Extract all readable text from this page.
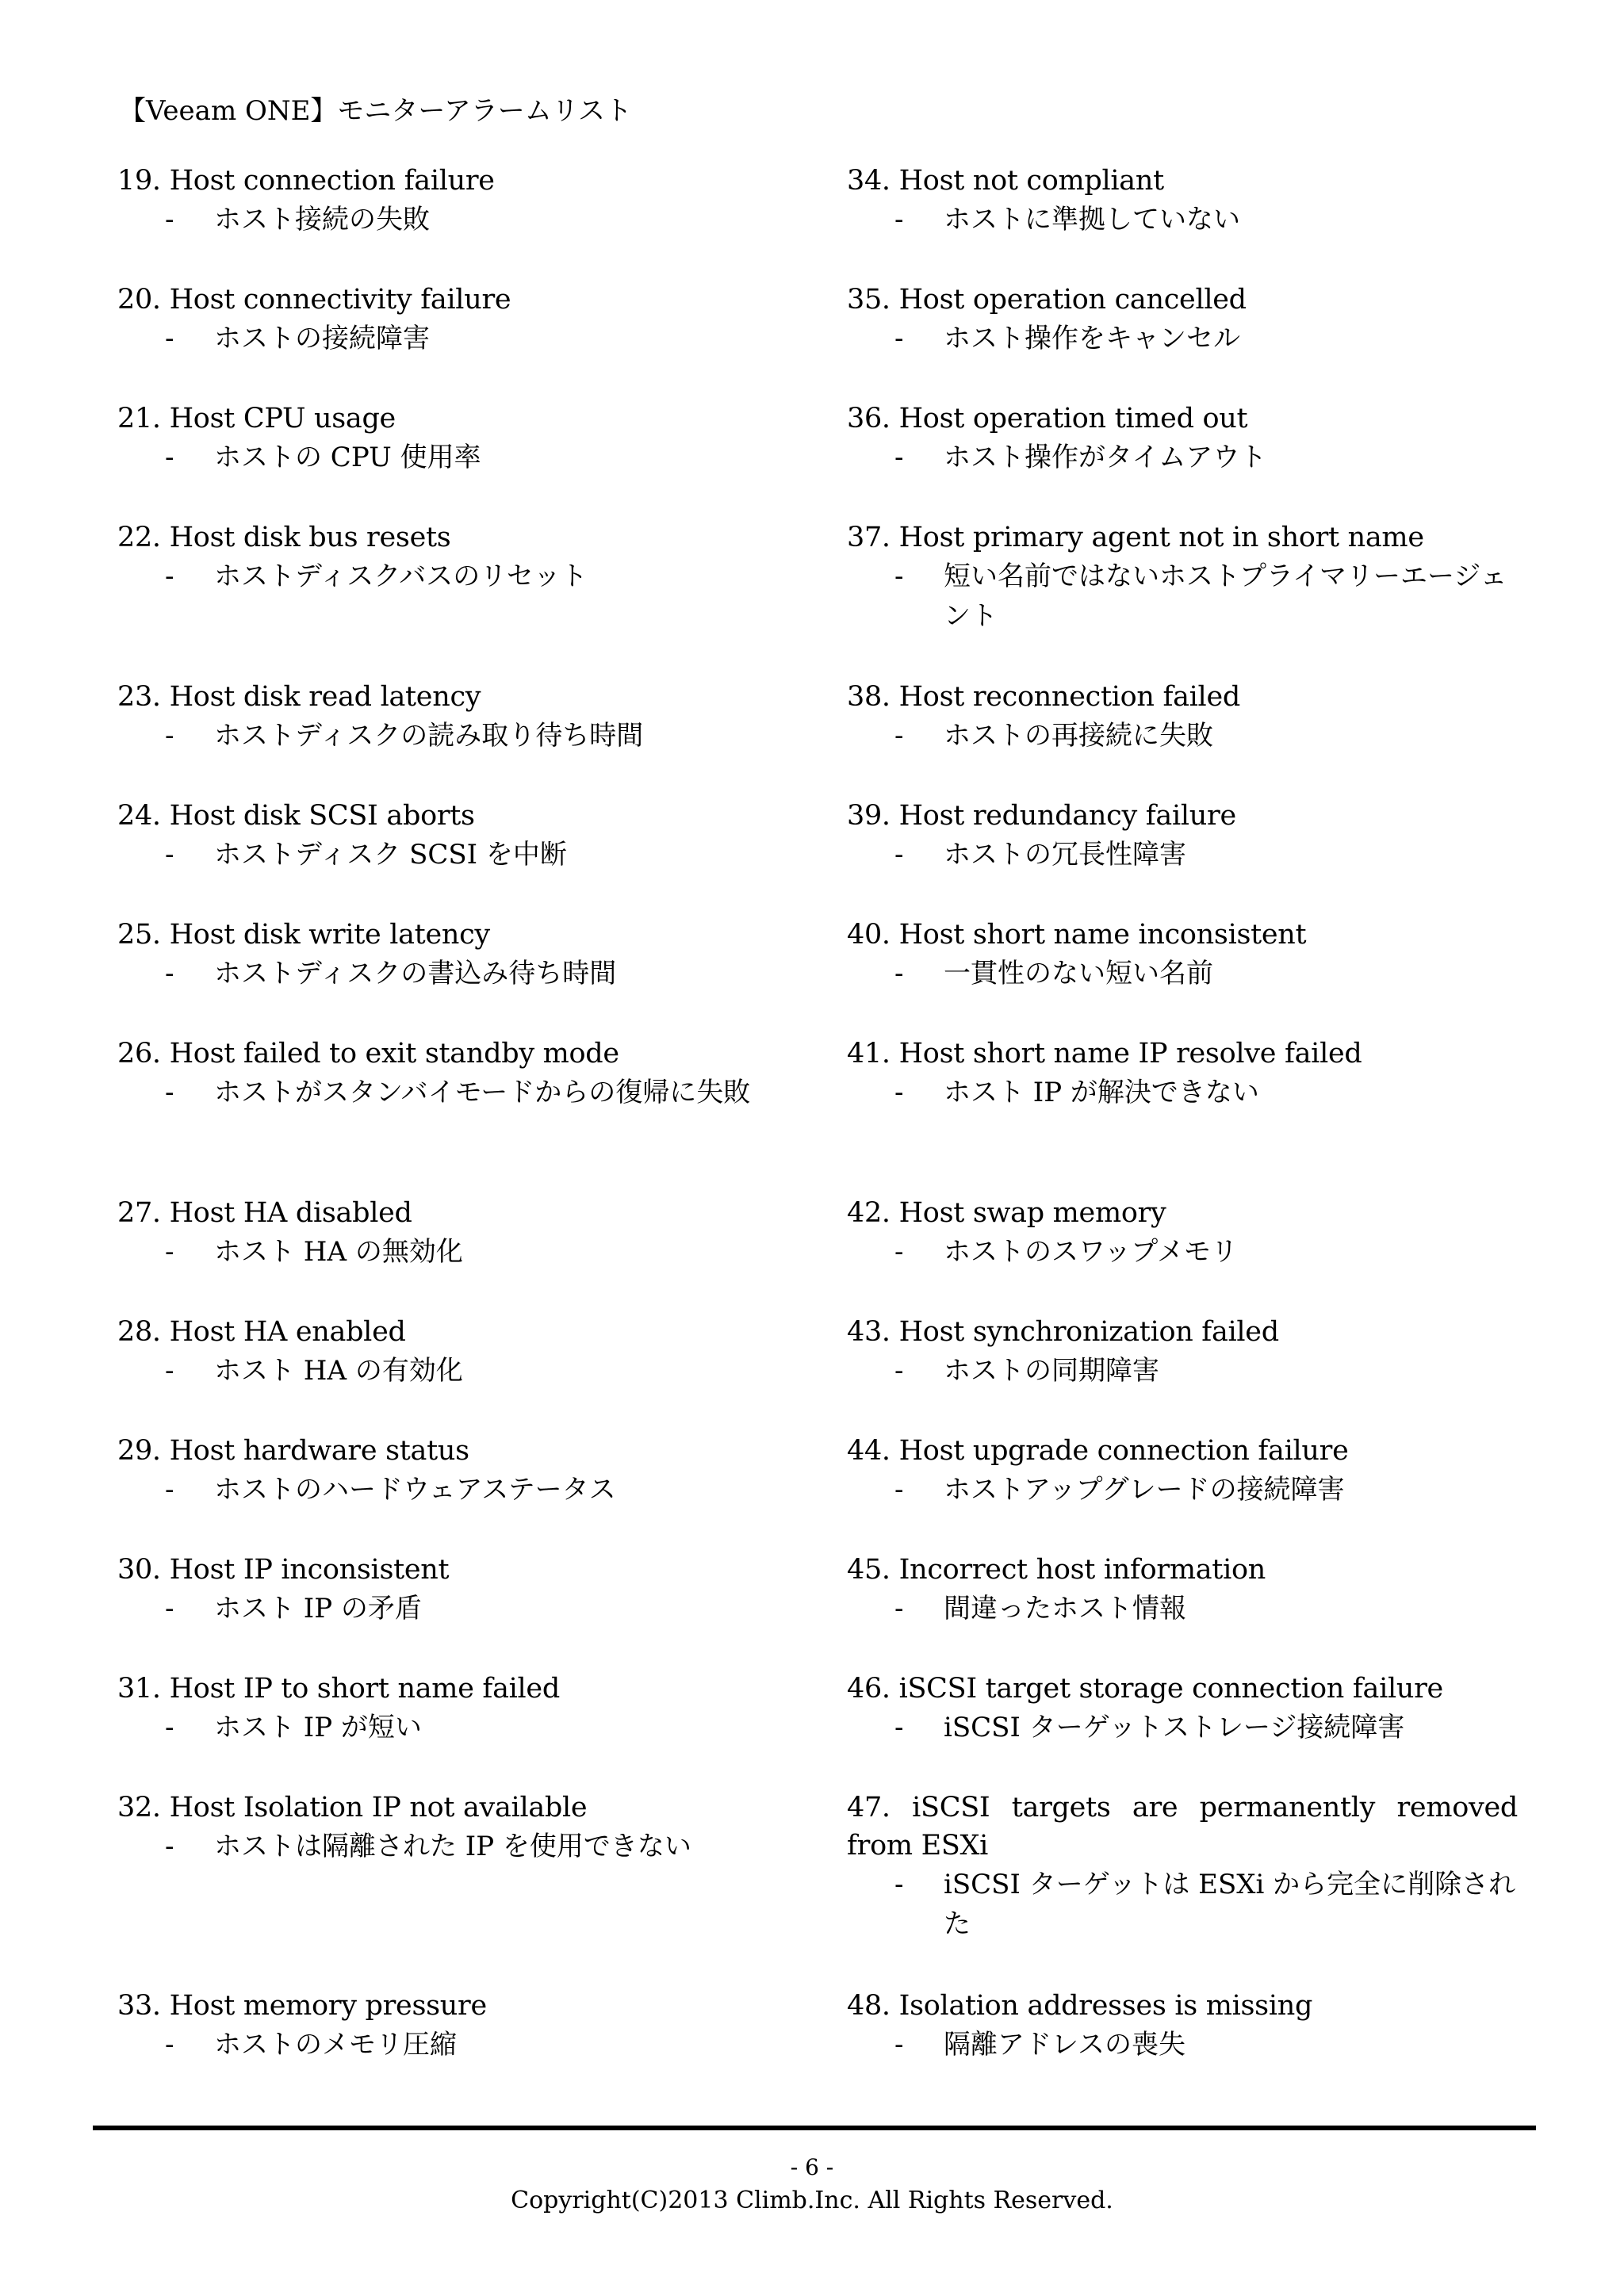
【Veeam ONE】モニターアラームリスト
19. Host connection failure
- ホスト接続の失敗
20. Host connectivity failure
- ホストの接続障害
21. Host CPU usage
- ホストの CPU 使用率
22. Host disk bus resets
- ホストディスクバスのリセット
23. Host disk read latency
- ホストディスクの読み取り待ち時間
24. Host disk SCSI aborts
- ホストディスク SCSI を中断
25. Host disk write latency
- ホストディスクの書込み待ち時間
26. Host failed to exit standby mode
- ホストがスタンバイモードからの復帰に失敗
27. Host HA disabled
- ホスト HA の無効化
28. Host HA enabled
- ホスト HA の有効化
29. Host hardware status
- ホストのハードウェアステータス
30. Host IP inconsistent
- ホスト IP の矛盾
31. Host IP to short name failed
- ホスト IP が短い
32. Host Isolation IP not available
- ホストは隔離された IP を使用できない
33. Host memory pressure
- ホストのメモリ圧縮
34. Host not compliant
- ホストに準拠していない
35. Host operation cancelled
- ホスト操作をキャンセル
36. Host operation timed out
- ホスト操作がタイムアウト
37. Host primary agent not in short name
- 短い名前ではないホストプライマリーエージェント
38. Host reconnection failed
- ホストの再接続に失敗
39. Host redundancy failure
- ホストの冗長性障害
40. Host short name inconsistent
- 一貫性のない短い名前
41. Host short name IP resolve failed
- ホスト IP が解決できない
42. Host swap memory
- ホストのスワップメモリ
43. Host synchronization failed
- ホストの同期障害
44. Host upgrade connection failure
- ホストアップグレードの接続障害
45. Incorrect host information
- 間違ったホスト情報
46. iSCSI target storage connection failure
- iSCSI ターゲットストレージ接続障害
47. iSCSI targets are permanently removed from ESXi
- iSCSI ターゲットは ESXi から完全に削除された
48. Isolation addresses is missing
- 隔離アドレスの喪失
- 6 -
Copyright(C)2013 Climb.Inc. All Rights Reserved.
